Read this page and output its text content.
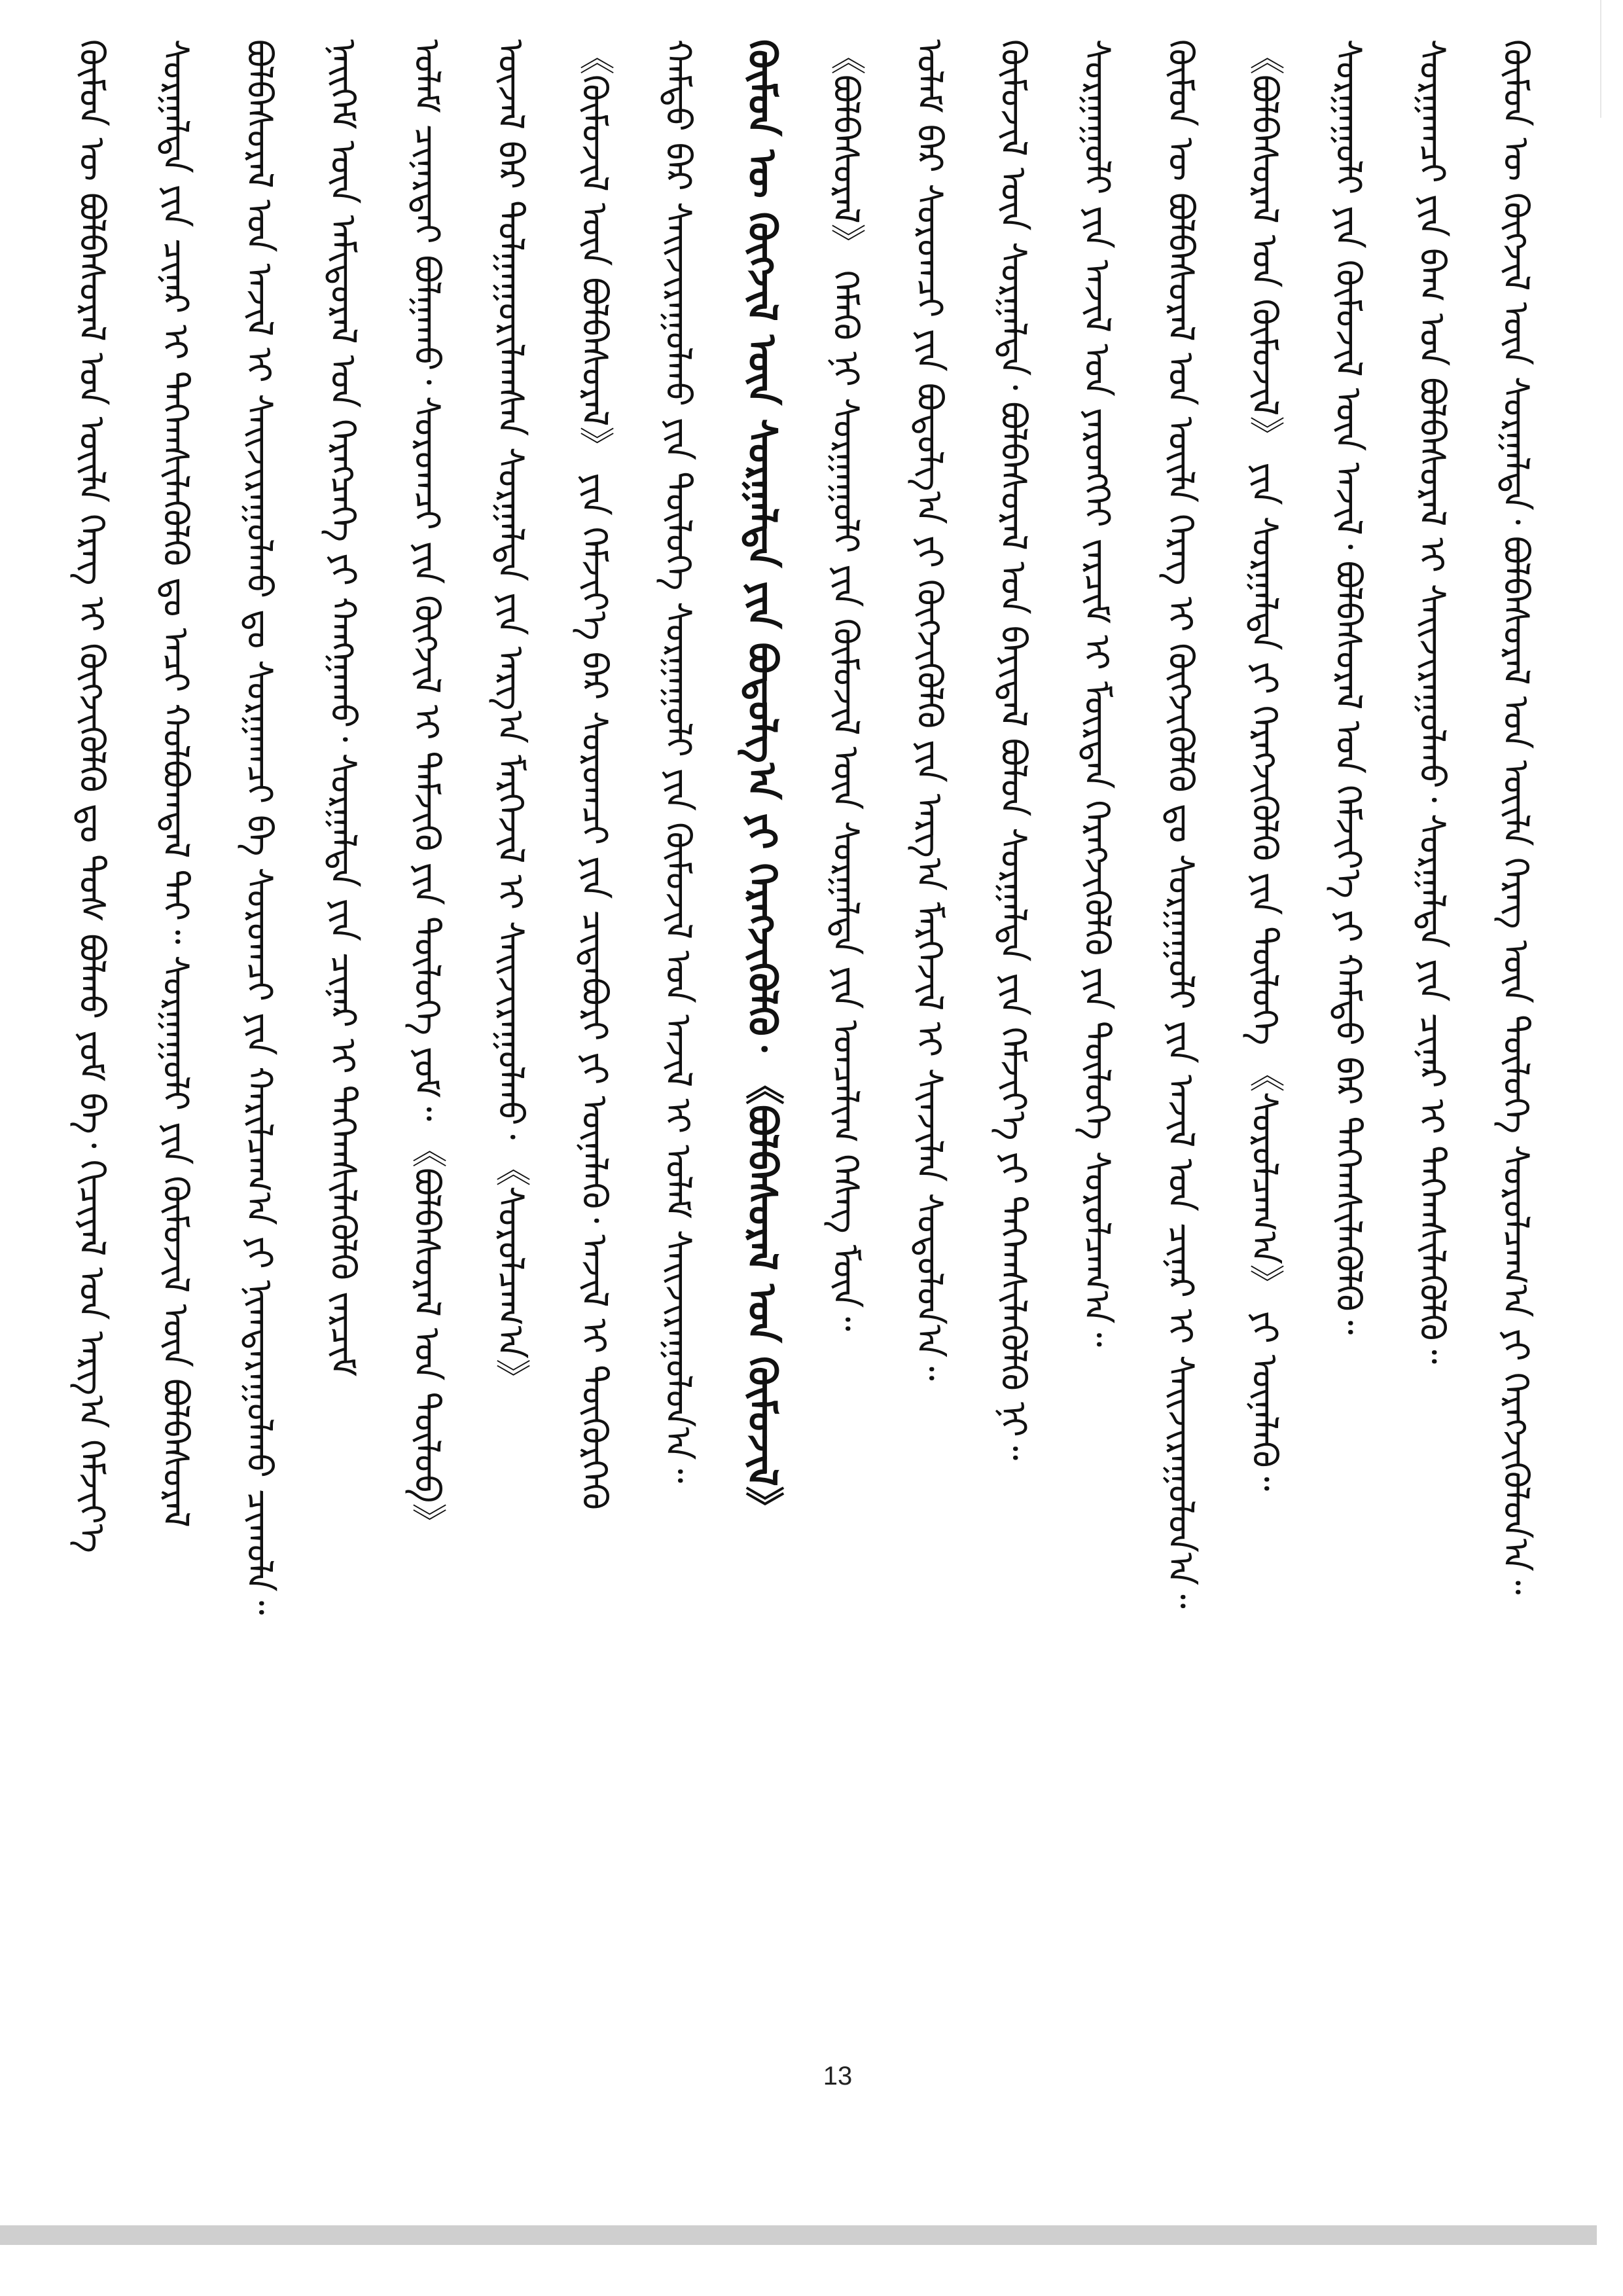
ᠬᠦᠮᠦᠨ ᠦ ᠪᠣᠯᠪᠠᠰᠤᠷᠠᠯ ᠤᠨ ᠦᠢᠯᠡ ᠬᠡᠷᠡᠭ ᠢ ᠬᠥᠭᠵᠢᠭᠦᠯᠬᠦ ᠳᠤ ᠲᠤᠰ ᠪᠣᠯᠬᠤ ᠶᠤᠮ ᠪᠠ᠂ ᠬᠢᠴᠢᠶᠡᠯ ᠤᠨ ᠠᠷᠭ᠎ᠠ ᠬᠡᠮᠵᠢᠶ᠎ᠡ	ᠰᠤᠷᠭᠠᠯᠲᠠ ᠶᠢᠨ ᠴᠢᠨᠠᠷ ᠢ ᠳᠡᠭᠡᠭ᠍ᠰᠢᠯᠡᠭᠦᠯᠬᠦ ᠳᠤ ᠠᠴᠢ ᠬᠣᠯᠪᠣᠭᠳᠠᠯ ᠲᠠᠢ᠃ ᠰᠤᠷᠭᠠᠭᠤᠯᠢ ᠶᠢᠨ ᠬᠦᠮᠦᠵᠢᠯ ᠦᠨ ᠪᠣᠯᠪᠠᠰᠤᠷᠠᠯ	ᠪᠣᠯᠪᠠᠰᠤᠷᠠᠯ ᠤᠨ ᠠᠵᠢᠯ ᠢ ᠰᠠᠢᠵᠢᠷᠠᠭᠤᠯᠬᠤ ᠳᠤ ᠰᠤᠷᠭᠠᠭᠴᠢ ᠪᠠ ᠰᠤᠷᠤᠭᠴᠢ ᠶᠢᠨ ᠬᠠᠷᠢᠯᠴᠠᠭ᠎ᠠ ᠶᠢ ᠨᠢᠭᠲᠠᠷᠠᠭᠤᠯᠬᠤ ᠴᠢᠬᠤᠯᠠ᠃	ᠨᠡᠢᠭᠡᠮ ᠦᠨ ᠠᠮᠢᠳᠤᠷᠠᠯ ᠤᠨ ᠬᠡᠷᠡᠭᠴᠡᠭᠡ ᠶᠢ ᠬᠠᠩᠭᠠᠬᠤ᠂ ᠰᠤᠷᠭᠠᠯᠲᠠ ᠶᠢᠨ ᠴᠢᠨᠠᠷ ᠢ ᠳᠡᠭᠡᠭ᠍ᠰᠢᠯᠡᠭᠦᠯᠬᠦ ᠵᠠᠷᠴᠢᠮ	ᠤᠯᠠᠮ ᠴᠢᠨᠠᠷᠲᠠᠢ ᠪᠣᠯᠭᠠᠬᠤ᠂ ᠰᠤᠷᠤᠭᠴᠢ ᠶᠢᠨ ᠬᠥᠭᠵᠢᠯ ᠢ ᠳᠡᠮᠵᠢᠬᠦ ᠶᠢᠨ ᠲᠥᠯᠥᠭᠡ ᠶᠤᠮ᠃ 《ᠪᠣᠯᠪᠠᠰᠤᠷᠠᠯ ᠤᠨ ᠲᠥᠯᠥᠪ》	ᠦᠵᠡᠯ ᠪᠠᠷ ᠲᠤᠯᠭᠠᠭᠤᠷᠢᠯᠠᠭᠰᠠᠨ ᠰᠤᠷᠭᠠᠯᠲᠠ ᠶᠢᠨ ᠠᠷᠭ᠎ᠠ ᠮᠡᠷᠭᠡᠵᠢᠯ ᠢ ᠰᠠᠢᠵᠢᠷᠠᠭᠤᠯᠬᠤ᠂ 《ᠰᠤᠷᠤᠯᠴᠠᠭ᠎ᠠ》	《ᠬᠦᠮᠦᠵᠢᠯ ᠦᠨ ᠪᠣᠯᠪᠠᠰᠤᠷᠠᠯ》 ᠶᠢᠨ ᠬᠡᠮᠵᠢᠶ᠎ᠡ ᠪᠡᠷ ᠰᠤᠷᠤᠭᠴᠢ ᠶᠢᠨ ᠴᠢᠳᠠᠪᠤᠷᠢ ᠶᠢ ᠦᠨᠡᠯᠡᠬᠦ᠂ ᠠᠵᠢᠯ ᠢ ᠳᠦᠭᠦᠷᠭᠡᠬᠦ	ᠬᠠᠮᠲᠤ ᠪᠡᠷ ᠰᠠᠢᠵᠢᠷᠠᠭᠤᠯᠬᠤ ᠶᠢᠨ ᠲᠥᠯᠥᠭᠡ ᠰᠤᠷᠭᠠᠭᠤᠯᠢ ᠶᠢᠨ ᠬᠦᠮᠦᠵᠢᠯ ᠤᠨ ᠠᠵᠢᠯ ᠢ ᠤᠯᠠᠮ ᠰᠠᠢᠵᠢᠷᠠᠭᠤᠯᠤᠨ᠎ᠠ᠃	ᠬᠦᠮᠦᠨ ᠦ ᠬᠥᠭᠵᠢᠯ ᠦᠨ ᠰᠤᠷᠭᠠᠯᠲᠠ ᠶᠢᠨ ᠪᠣᠳᠤᠯᠭ᠎ᠠ ᠶᠢ ᠬᠡᠷᠡᠭᠵᠢᠭᠦᠯᠬᠦ᠂ 《ᠪᠣᠯᠪᠠᠰᠤᠷᠠᠯ ᠤᠨ ᠬᠦᠮᠦᠵᠢᠯ》	《ᠪᠣᠯᠪᠠᠰᠤᠷᠠᠯ》 ᠬᠡᠮᠡᠬᠦ ᠨᠢ ᠰᠤᠷᠭᠠᠭᠤᠯᠢ ᠶᠢᠨ ᠬᠦᠮᠦᠵᠢᠯ ᠦᠨ ᠰᠤᠷᠭᠠᠯᠲᠠ ᠶᠢᠨ ᠣᠨᠴᠠᠯᠢᠭ ᠬᠡᠰᠡᠭ ᠮᠥᠨ᠃	ᠤᠯᠠᠮ ᠪᠠᠷ ᠰᠤᠷᠤᠭᠴᠢ ᠶᠢᠨ ᠪᠣᠳᠤᠯᠭ᠎ᠠ ᠶᠢ ᠬᠥᠭᠵᠢᠭᠦᠯᠬᠦ ᠶᠢᠨ ᠠᠷᠭ᠎ᠠ ᠮᠡᠷᠭᠡᠵᠢᠯ ᠢ ᠰᠢᠨᠵᠢᠯᠡᠨ ᠰᠤᠳᠤᠯᠤᠨ᠎ᠠ᠃	ᠬᠦᠮᠦᠵᠢᠯ ᠦᠨ ᠰᠤᠷᠭᠠᠯᠲᠠ᠂ ᠪᠣᠯᠪᠠᠰᠤᠷᠠᠯ ᠤᠨ ᠪᠠᠶᠢᠳᠠᠯ ᠪᠣᠯᠤᠨ ᠰᠤᠷᠭᠠᠯᠲᠠ ᠶᠢᠨ ᠬᠡᠮᠵᠢᠶ᠎ᠡ ᠶᠢ ᠳᠡᠭᠡᠭ᠍ᠰᠢᠯᠡᠭᠦᠯᠬᠦ ᠨᠢ᠃	ᠰᠤᠷᠭᠠᠭᠤᠯᠢ ᠶᠢᠨ ᠠᠵᠢᠯ ᠤᠨ ᠶᠡᠷᠦᠩᠬᠡᠢ ᠵᠠᠷᠴᠢᠮ ᠢ ᠮᠥᠷᠳᠡᠨ ᠬᠡᠷᠡᠭᠵᠢᠭᠦᠯᠬᠦ ᠶᠢᠨ ᠲᠥᠯᠥᠭᠡ ᠰᠤᠷᠤᠯᠴᠠᠭ᠎ᠠ᠃	ᠬᠦᠮᠦᠨ ᠦ ᠪᠣᠯᠪᠠᠰᠤᠷᠠᠯ ᠤᠨ ᠦᠢᠯᠡ ᠬᠡᠷᠡᠭ ᠢ ᠬᠥᠭᠵᠢᠭᠦᠯᠬᠦ ᠳᠤ ᠰᠤᠷᠭᠠᠭᠤᠯᠢ ᠶᠢᠨ ᠠᠵᠢᠯ ᠤᠨ ᠴᠢᠨᠠᠷ ᠢ ᠰᠠᠢᠵᠢᠷᠠᠭᠤᠯᠤᠨ᠎ᠠ᠃	《ᠪᠣᠯᠪᠠᠰᠤᠷᠠᠯ ᠤᠨ ᠬᠦᠮᠦᠵᠢᠯ》 ᠶᠢᠨ ᠰᠤᠷᠭᠠᠯᠲᠠ ᠶᠢ ᠬᠡᠷᠡᠭᠵᠢᠭᠦᠯᠬᠦ ᠶᠢᠨ ᠲᠥᠯᠥᠭᠡ 《ᠰᠤᠷᠤᠯᠴᠠᠭ᠎ᠠ》 ᠶᠢ ᠦᠨᠡᠯᠡᠬᠦ᠃	ᠰᠤᠷᠭᠠᠭᠤᠯᠢ ᠶᠢᠨ ᠬᠦᠮᠦᠵᠢᠯ ᠦᠨ ᠠᠵᠢᠯ᠂ ᠪᠣᠯᠪᠠᠰᠤᠷᠠᠯ ᠤᠨ ᠬᠡᠮᠵᠢᠶ᠎ᠡ ᠶᠢ ᠬᠠᠮᠲᠤ ᠪᠡᠷ ᠳᠡᠭᠡᠭ᠍ᠰᠢᠯᠡᠭᠦᠯᠬᠦ᠃	ᠰᠤᠷᠭᠠᠭᠴᠢ ᠶᠢᠨ ᠪᠠᠭ ᠤᠨ ᠪᠣᠯᠪᠠᠰᠤᠷᠠᠯ ᠢ ᠰᠠᠢᠵᠢᠷᠠᠭᠤᠯᠬᠤ᠂ ᠰᠤᠷᠭᠠᠯᠲᠠ ᠶᠢᠨ ᠴᠢᠨᠠᠷ ᠢ ᠳᠡᠭᠡᠭ᠍ᠰᠢᠯᠡᠭᠦᠯᠬᠦ᠃	ᠬᠦᠮᠦᠨ ᠦ ᠬᠥᠭᠵᠢᠯ ᠦᠨ ᠰᠤᠷᠭᠠᠯᠲᠠ᠂ ᠪᠣᠯᠪᠠᠰᠤᠷᠠᠯ ᠤᠨ ᠦᠢᠯᠡ ᠬᠡᠷᠡᠭ ᠦᠨ ᠲᠥᠯᠥᠭᠡ ᠰᠤᠷᠤᠯᠴᠠᠭ᠎ᠠ ᠶᠢ ᠬᠡᠷᠡᠭᠵᠢᠭᠦᠯᠤᠨ᠎ᠠ᠃
13
